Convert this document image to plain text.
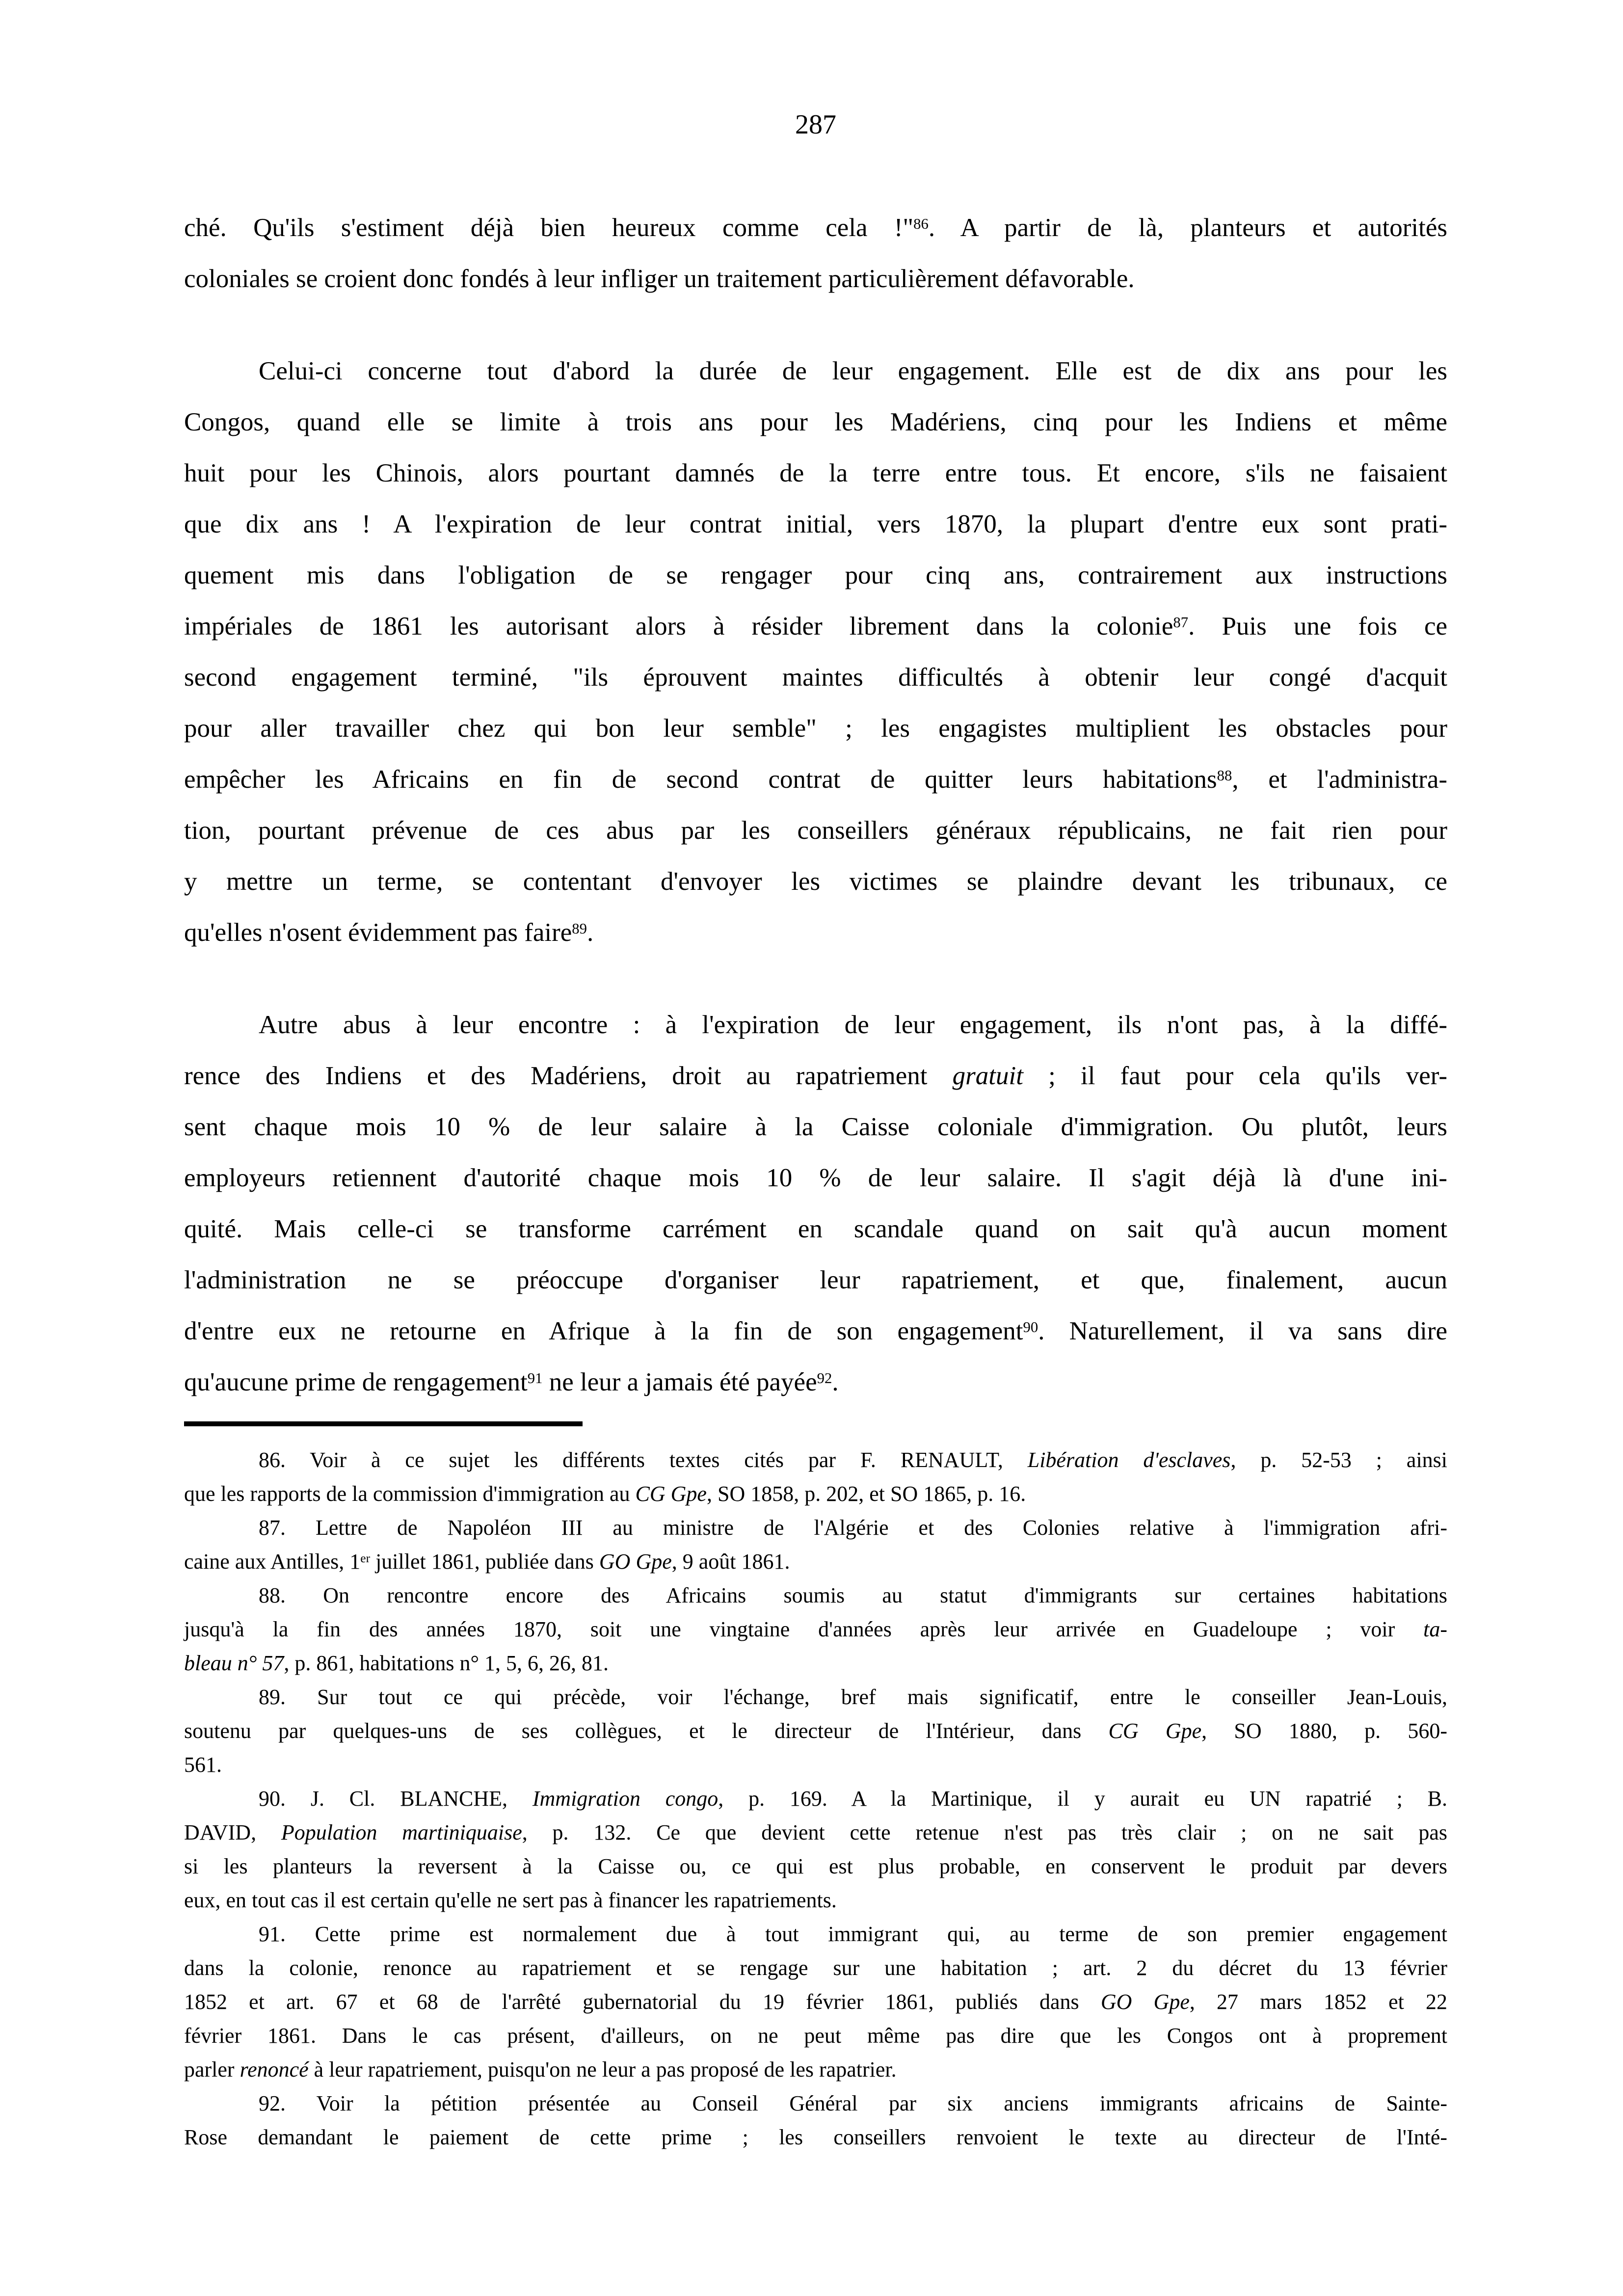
287
ché. Qu'ils s'estiment déjà bien heureux comme cela !"$^{86}$. A partir de là, planteurs et autorités
coloniales se croient donc fondés à leur infliger un traitement particulièrement défavorable.
Celui-ci concerne tout d'abord la durée de leur engagement. Elle est de dix ans pour les
Congos, quand elle se limite à trois ans pour les Madériens, cinq pour les Indiens et même
huit pour les Chinois, alors pourtant damnés de la terre entre tous. Et encore, s'ils ne faisaient
que dix ans ! A l'expiration de leur contrat initial, vers 1870, la plupart d'entre eux sont prati-
quement mis dans l'obligation de se rengager pour cinq ans, contrairement aux instructions
impériales de 1861 les autorisant alors à résider librement dans la colonie$^{87}$. Puis une fois ce
second engagement terminé, "ils éprouvent maintes difficultés à obtenir leur congé d'acquit
pour aller travailler chez qui bon leur semble" ; les engagistes multiplient les obstacles pour
empêcher les Africains en fin de second contrat de quitter leurs habitations$^{88}$, et l'administra-
tion, pourtant prévenue de ces abus par les conseillers généraux républicains, ne fait rien pour
y mettre un terme, se contentant d'envoyer les victimes se plaindre devant les tribunaux, ce
qu'elles n'osent évidemment pas faire$^{89}$.
Autre abus à leur encontre : à l'expiration de leur engagement, ils n'ont pas, à la diffé-
rence des Indiens et des Madériens, droit au rapatriement gratuit ; il faut pour cela qu'ils ver-
sent chaque mois 10 % de leur salaire à la Caisse coloniale d'immigration. Ou plutôt, leurs
employeurs retiennent d'autorité chaque mois 10 % de leur salaire. Il s'agit déjà là d'une ini-
quité. Mais celle-ci se transforme carrément en scandale quand on sait qu'à aucun moment
l'administration ne se préoccupe d'organiser leur rapatriement, et que, finalement, aucun
d'entre eux ne retourne en Afrique à la fin de son engagement$^{90}$. Naturellement, il va sans dire
qu'aucune prime de rengagement$^{91}$ ne leur a jamais été payée$^{92}$.
86. Voir à ce sujet les différents textes cités par F. RENAULT, Libération d'esclaves, p. 52-53 ; ainsi
que les rapports de la commission d'immigration au CG Gpe, SO 1858, p. 202, et SO 1865, p. 16.
87. Lettre de Napoléon III au ministre de l'Algérie et des Colonies relative à l'immigration afri-
caine aux Antilles, 1er juillet 1861, publiée dans GO Gpe, 9 août 1861.
88. On rencontre encore des Africains soumis au statut d'immigrants sur certaines habitations
jusqu'à la fin des années 1870, soit une vingtaine d'années après leur arrivée en Guadeloupe ; voir ta-
bleau n° 57, p. 861, habitations n° 1, 5, 6, 26, 81.
89. Sur tout ce qui précède, voir l'échange, bref mais significatif, entre le conseiller Jean-Louis,
soutenu par quelques-uns de ses collègues, et le directeur de l'Intérieur, dans CG Gpe, SO 1880, p. 560-
561.
90. J. Cl. BLANCHE, Immigration congo, p. 169. A la Martinique, il y aurait eu UN rapatrié ; B.
DAVID, Population martiniquaise, p. 132. Ce que devient cette retenue n'est pas très clair ; on ne sait pas
si les planteurs la reversent à la Caisse ou, ce qui est plus probable, en conservent le produit par devers
eux, en tout cas il est certain qu'elle ne sert pas à financer les rapatriements.
91. Cette prime est normalement due à tout immigrant qui, au terme de son premier engagement
dans la colonie, renonce au rapatriement et se rengage sur une habitation ; art. 2 du décret du 13 février
1852 et art. 67 et 68 de l'arrêté gubernatorial du 19 février 1861, publiés dans GO Gpe, 27 mars 1852 et 22
février 1861. Dans le cas présent, d'ailleurs, on ne peut même pas dire que les Congos ont à proprement
parler renoncé à leur rapatriement, puisqu'on ne leur a pas proposé de les rapatrier.
92. Voir la pétition présentée au Conseil Général par six anciens immigrants africains de Sainte-
Rose demandant le paiement de cette prime ; les conseillers renvoient le texte au directeur de l'Inté-
